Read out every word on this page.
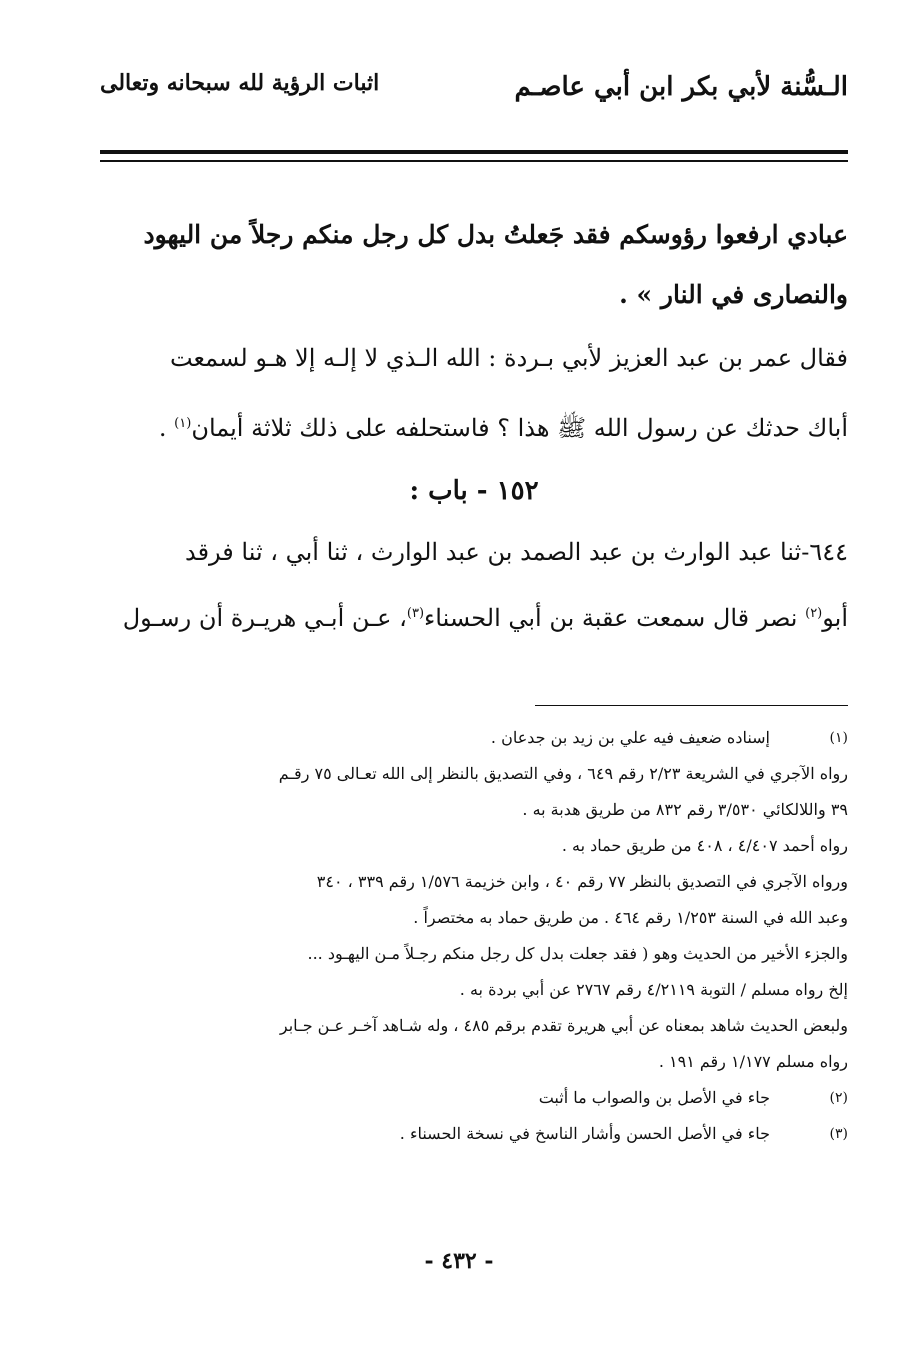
الـسُّنة لأبي بكر ابن أبي عاصـم
اثبات الرؤية لله سبحانه وتعالى
عبادي ارفعوا رؤوسكم فقد جَعلتُ بدل كل رجل منكم رجلاً من اليهود
والنصارى في النار » .
فقال عمر بن عبد العزيز لأبي بـردة : الله الـذي لا إلـه إلا هـو لسمعت
أباك حدثك عن رسول الله ﷺ هذا ؟ فاستحلفه على ذلك ثلاثة أيمان$^{(١)}$ .
١٥٢ - باب :
٦٤٤-ثنا عبد الوارث بن عبد الصمد بن عبد الوارث ، ثنا أبي ، ثنا فرقد
أبو$^{(٢)}$ نصر قال سمعت عقبة بن أبي الحسناء$^{(٣)}$، عـن أبـي هريـرة أن رسـول
(١)
إسناده ضعيف فيه علي بن زيد بن جدعان .
رواه الآجري في الشريعة ٢/٢٣ رقم ٦٤٩ ، وفي التصديق بالنظر إلى الله تعـالى ٧٥ رقـم
٣٩ واللالكائي ٣/٥٣٠ رقم ٨٣٢ من طريق هدبة به .
رواه أحمد ٤/٤٠٧ ، ٤٠٨ من طريق حماد به .
ورواه الآجري في التصديق بالنظر ٧٧ رقم ٤٠ ، وابن خزيمة ١/٥٧٦ رقم ٣٣٩ ، ٣٤٠
وعبد الله في السنة ١/٢٥٣ رقم ٤٦٤ . من طريق حماد به مختصراً .
والجزء الأخير من الحديث وهو ( فقد جعلت بدل كل رجل منكم رجـلاً مـن اليهـود ...
إلخ رواه مسلم / التوبة ٤/٢١١٩ رقم ٢٧٦٧ عن أبي بردة به .
ولبعض الحديث شاهد بمعناه عن أبي هريرة تقدم برقم ٤٨٥ ، وله شـاهد آخـر عـن جـابر
رواه مسلم ١/١٧٧ رقم ١٩١ .
(٢)
جاء في الأصل بن والصواب ما أثبت
(٣)
جاء في الأصل الحسن وأشار الناسخ في نسخة الحسناء .
- ٤٣٢ -
